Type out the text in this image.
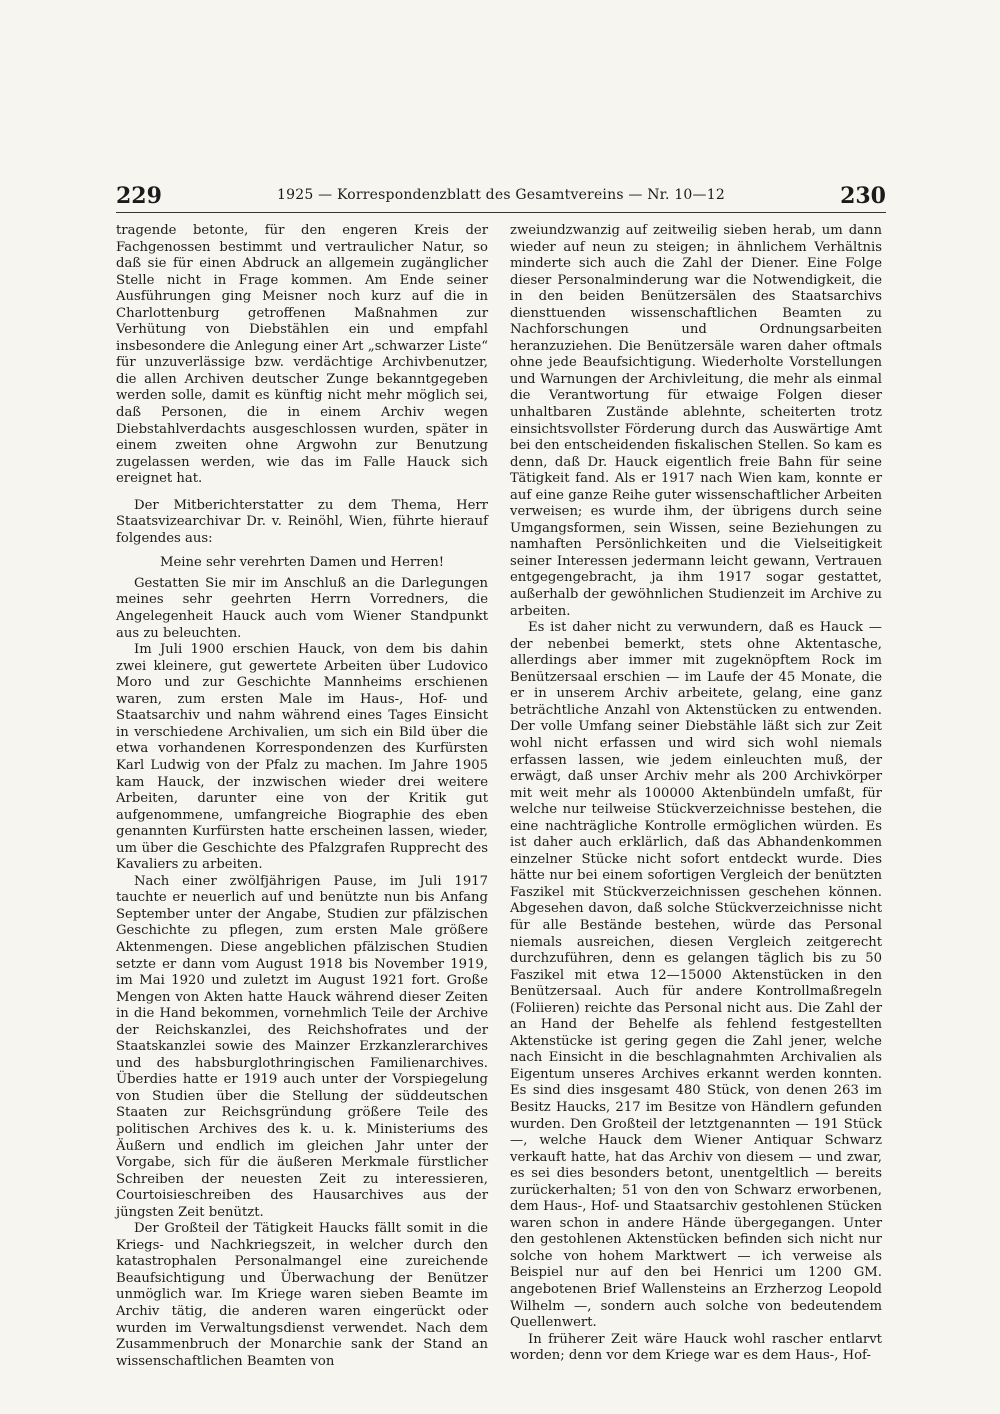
229	1925 — Korrespondenzblatt des Gesamtvereins — Nr. 10—12	230

tragende betonte, für den engeren Kreis der Fachgenossen bestimmt und vertraulicher Natur, so daß sie für einen Abdruck an allgemein zugänglicher Stelle nicht in Frage kommen. Am Ende seiner Ausführungen ging Meisner noch kurz auf die in Charlottenburg getroffenen Maßnahmen zur Verhütung von Diebstählen ein und empfahl insbesondere die Anlegung einer Art „schwarzer Liste“ für unzuverlässige bzw. verdächtige Archivbenutzer, die allen Archiven deutscher Zunge bekanntgegeben werden solle, damit es künftig nicht mehr möglich sei, daß Personen, die in einem Archiv wegen Diebstahlverdachts ausgeschlossen wurden, später in einem zweiten ohne Argwohn zur Benutzung zugelassen werden, wie das im Falle Hauck sich ereignet hat.

Der Mitberichterstatter zu dem Thema, Herr Staatsvizearchivar Dr. v. Reinöhl, Wien, führte hierauf folgendes aus:

Meine sehr verehrten Damen und Herren!

Gestatten Sie mir im Anschluß an die Darlegungen meines sehr geehrten Herrn Vorredners, die Angelegenheit Hauck auch vom Wiener Standpunkt aus zu beleuchten.

Im Juli 1900 erschien Hauck, von dem bis dahin zwei kleinere, gut gewertete Arbeiten über Ludovico Moro und zur Geschichte Mannheims erschienen waren, zum ersten Male im Haus-, Hof- und Staatsarchiv und nahm während eines Tages Einsicht in verschiedene Archivalien, um sich ein Bild über die etwa vorhandenen Korrespondenzen des Kurfürsten Karl Ludwig von der Pfalz zu machen. Im Jahre 1905 kam Hauck, der inzwischen wieder drei weitere Arbeiten, darunter eine von der Kritik gut aufgenommene, umfangreiche Biographie des eben genannten Kurfürsten hatte erscheinen lassen, wieder, um über die Geschichte des Pfalzgrafen Rupprecht des Kavaliers zu arbeiten.

Nach einer zwölfjährigen Pause, im Juli 1917 tauchte er neuerlich auf und benützte nun bis Anfang September unter der Angabe, Studien zur pfälzischen Geschichte zu pflegen, zum ersten Male größere Aktenmengen. Diese angeblichen pfälzischen Studien setzte er dann vom August 1918 bis November 1919, im Mai 1920 und zuletzt im August 1921 fort. Große Mengen von Akten hatte Hauck während dieser Zeiten in die Hand bekommen, vornehmlich Teile der Archive der Reichskanzlei, des Reichshofrates und der Staatskanzlei sowie des Mainzer Erzkanzlerarchives und des habsburglothringischen Familienarchives. Überdies hatte er 1919 auch unter der Vorspiegelung von Studien über die Stellung der süddeutschen Staaten zur Reichsgründung größere Teile des politischen Archives des k. u. k. Ministeriums des Äußern und endlich im gleichen Jahr unter der Vorgabe, sich für die äußeren Merkmale fürstlicher Schreiben der neuesten Zeit zu interessieren, Courtoisieschreiben des Hausarchives aus der jüngsten Zeit benützt.

Der Großteil der Tätigkeit Haucks fällt somit in die Kriegs- und Nachkriegszeit, in welcher durch den katastrophalen Personalmangel eine zureichende Beaufsichtigung und Überwachung der Benützer unmöglich war. Im Kriege waren sieben Beamte im Archiv tätig, die anderen waren eingerückt oder wurden im Verwaltungsdienst verwendet. Nach dem Zusammenbruch der Monarchie sank der Stand an wissenschaftlichen Beamten von

zweiundzwanzig auf zeitweilig sieben herab, um dann wieder auf neun zu steigen; in ähnlichem Verhältnis minderte sich auch die Zahl der Diener. Eine Folge dieser Personalminderung war die Notwendigkeit, die in den beiden Benützersälen des Staatsarchivs diensttuenden wissenschaftlichen Beamten zu Nachforschungen und Ordnungsarbeiten heranzuziehen. Die Benützersäle waren daher oftmals ohne jede Beaufsichtigung. Wiederholte Vorstellungen und Warnungen der Archivleitung, die mehr als einmal die Verantwortung für etwaige Folgen dieser unhaltbaren Zustände ablehnte, scheiterten trotz einsichtsvollster Förderung durch das Auswärtige Amt bei den entscheidenden fiskalischen Stellen. So kam es denn, daß Dr. Hauck eigentlich freie Bahn für seine Tätigkeit fand. Als er 1917 nach Wien kam, konnte er auf eine ganze Reihe guter wissenschaftlicher Arbeiten verweisen; es wurde ihm, der übrigens durch seine Umgangsformen, sein Wissen, seine Beziehungen zu namhaften Persönlichkeiten und die Vielseitigkeit seiner Interessen jedermann leicht gewann, Vertrauen entgegengebracht, ja ihm 1917 sogar gestattet, außerhalb der gewöhnlichen Studienzeit im Archive zu arbeiten.

Es ist daher nicht zu verwundern, daß es Hauck — der nebenbei bemerkt, stets ohne Aktentasche, allerdings aber immer mit zugeknöpftem Rock im Benützersaal erschien — im Laufe der 45 Monate, die er in unserem Archiv arbeitete, gelang, eine ganz beträchtliche Anzahl von Aktenstücken zu entwenden. Der volle Umfang seiner Diebstähle läßt sich zur Zeit wohl nicht erfassen und wird sich wohl niemals erfassen lassen, wie jedem einleuchten muß, der erwägt, daß unser Archiv mehr als 200 Archivkörper mit weit mehr als 100000 Aktenbündeln umfaßt, für welche nur teilweise Stückverzeichnisse bestehen, die eine nachträgliche Kontrolle ermöglichen würden. Es ist daher auch erklärlich, daß das Abhandenkommen einzelner Stücke nicht sofort entdeckt wurde. Dies hätte nur bei einem sofortigen Vergleich der benützten Faszikel mit Stückverzeichnissen geschehen können. Abgesehen davon, daß solche Stückverzeichnisse nicht für alle Bestände bestehen, würde das Personal niemals ausreichen, diesen Vergleich zeitgerecht durchzuführen, denn es gelangen täglich bis zu 50 Faszikel mit etwa 12—15000 Aktenstücken in den Benützersaal. Auch für andere Kontrollmaßregeln (Foliieren) reichte das Personal nicht aus. Die Zahl der an Hand der Behelfe als fehlend festgestellten Aktenstücke ist gering gegen die Zahl jener, welche nach Einsicht in die beschlagnahmten Archivalien als Eigentum unseres Archives erkannt werden konnten. Es sind dies insgesamt 480 Stück, von denen 263 im Besitz Haucks, 217 im Besitze von Händlern gefunden wurden. Den Großteil der letztgenannten — 191 Stück —, welche Hauck dem Wiener Antiquar Schwarz verkauft hatte, hat das Archiv von diesem — und zwar, es sei dies besonders betont, unentgeltlich — bereits zurückerhalten; 51 von den von Schwarz erworbenen, dem Haus-, Hof- und Staatsarchiv gestohlenen Stücken waren schon in andere Hände übergegangen. Unter den gestohlenen Aktenstücken befinden sich nicht nur solche von hohem Marktwert — ich verweise als Beispiel nur auf den bei Henrici um 1200 GM. angebotenen Brief Wallensteins an Erzherzog Leopold Wilhelm —, sondern auch solche von bedeutendem Quellenwert.

In früherer Zeit wäre Hauck wohl rascher entlarvt worden; denn vor dem Kriege war es dem Haus-, Hof-
